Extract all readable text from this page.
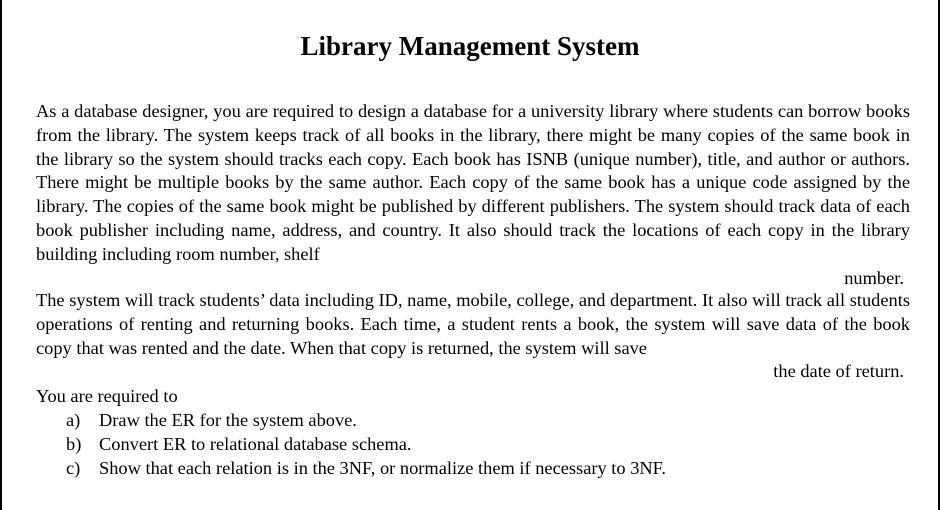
Library Management System

As a database designer, you are required to design a database for a university library where students can borrow books from the library. The system keeps track of all books in the library, there might be many copies of the same book in the library so the system should tracks each copy. Each book has ISNB (unique number), title, and author or authors. There might be multiple books by the same author. Each copy of the same book has a unique code assigned by the library. The copies of the same book might be published by different publishers. The system should track data of each book publisher including name, address, and country. It also should track the locations of each copy in the library building including room number, shelf
number.

The system will track students’ data including ID, name, mobile, college, and department. It also will track all students operations of renting and returning books. Each time, a student rents a book, the system will save data of the book copy that was rented and the date. When that copy is returned, the system will save
the date of return.

You are required to

a)	Draw the ER for the system above.
b) Convert ER to relational database schema.
c)	Show that each relation is in the 3NF, or normalize them if necessary to 3NF.
